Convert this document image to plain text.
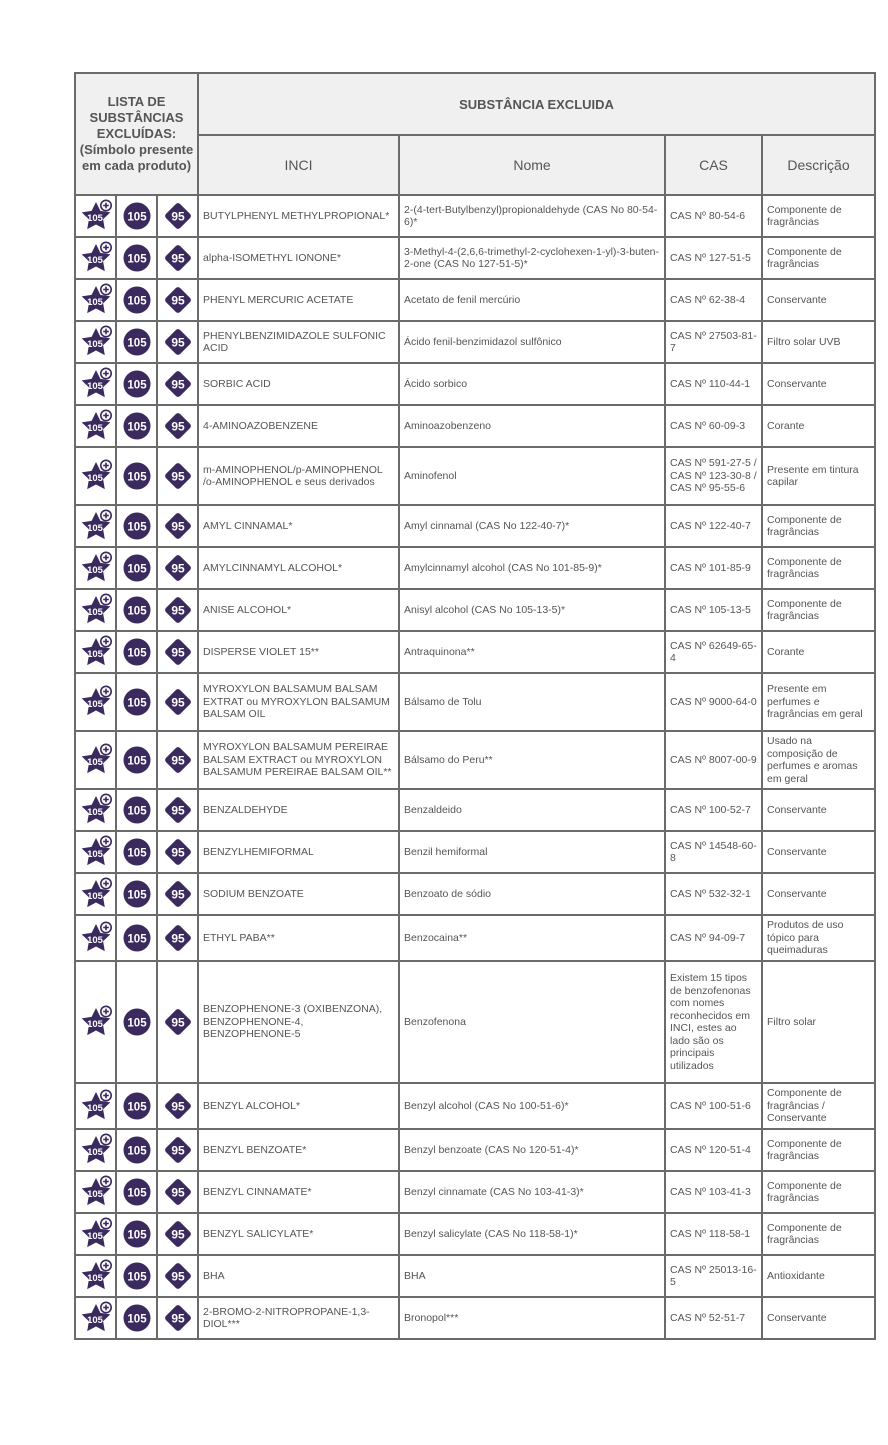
LISTA DE SUBSTÂNCIAS EXCLUÍDAS: (Símbolo presente em cada produto)			SUBSTÂNCIA EXCLUIDA			
			INCI	Nome	CAS	Descrição

105	105	95	BUTYLPHENYL METHYLPROPIONAL*	2-(4-tert-Butylbenzyl)propionaldehyde (CAS No 80-54-6)*	CAS Nº 80-54-6	Componente de fragrâncias

105	105	95	alpha-ISOMETHYL IONONE*	3-Methyl-4-(2,6,6-trimethyl-2-cyclohexen-1-yl)-3-buten-2-one (CAS No 127-51-5)*	CAS Nº 127-51-5	Componente de fragrâncias

105	105	95	PHENYL MERCURIC ACETATE	Acetato de fenil mercúrio	CAS Nº 62-38-4	Conservante

105	105	95	PHENYLBENZIMIDAZOLE SULFONIC ACID	Ácido fenil-benzimidazol sulfônico	CAS Nº 27503-81-7	Filtro solar UVB

105	105	95	SORBIC ACID	Ácido sorbico	CAS Nº 110-44-1	Conservante

105	105	95	4-AMINOAZOBENZENE	Aminoazobenzeno	CAS Nº 60-09-3	Corante

105	105	95	m-AMINOPHENOL/p-AMINOPHENOL /o-AMINOPHENOL e seus derivados	Aminofenol	CAS Nº 591-27-5 / CAS Nº 123-30-8 / CAS Nº 95-55-6	Presente em tintura capilar

105	105	95	AMYL CINNAMAL*	Amyl cinnamal (CAS No 122-40-7)*	CAS Nº 122-40-7	Componente de fragrâncias

105	105	95	AMYLCINNAMYL ALCOHOL*	Amylcinnamyl alcohol (CAS No 101-85-9)*	CAS Nº 101-85-9	Componente de fragrâncias

105	105	95	ANISE ALCOHOL*	Anisyl alcohol (CAS No 105-13-5)*	CAS Nº 105-13-5	Componente de fragrâncias

105	105	95	DISPERSE VIOLET 15**	Antraquinona**	CAS Nº 62649-65-4	Corante

105	105	95	MYROXYLON BALSAMUM BALSAM EXTRAT ou MYROXYLON BALSAMUM BALSAM OIL	Bálsamo de Tolu	CAS Nº 9000-64-0	Presente em perfumes e fragrâncias em geral

105	105	95	MYROXYLON BALSAMUM PEREIRAE BALSAM EXTRACT ou MYROXYLON BALSAMUM PEREIRAE BALSAM OIL**	Bálsamo do Peru**	CAS Nº 8007-00-9	Usado na composição de perfumes e aromas em geral

105	105	95	BENZALDEHYDE	Benzaldeido	CAS Nº 100-52-7	Conservante

105	105	95	BENZYLHEMIFORMAL	Benzil hemiformal	CAS Nº 14548-60-8	Conservante

105	105	95	SODIUM BENZOATE	Benzoato de sódio	CAS Nº 532-32-1	Conservante

105	105	95	ETHYL PABA**	Benzocaina**	CAS Nº 94-09-7	Produtos de uso tópico para queimaduras

105	105	95	BENZOPHENONE-3 (OXIBENZONA), BENZOPHENONE-4, BENZOPHENONE-5	Benzofenona	Existem 15 tipos de benzofenonas com nomes reconhecidos em INCI, estes ao lado são os principais utilizados	Filtro solar

105	105	95	BENZYL ALCOHOL*	Benzyl alcohol (CAS No 100-51-6)*	CAS Nº 100-51-6	Componente de fragrâncias / Conservante

105	105	95	BENZYL BENZOATE*	Benzyl benzoate (CAS No 120-51-4)*	CAS Nº 120-51-4	Componente de fragrâncias

105	105	95	BENZYL CINNAMATE*	Benzyl cinnamate (CAS No 103-41-3)*	CAS Nº 103-41-3	Componente de fragrâncias

105	105	95	BENZYL SALICYLATE*	Benzyl salicylate (CAS No 118-58-1)*	CAS Nº 118-58-1	Componente de fragrâncias

105	105	95	BHA	BHA	CAS Nº 25013-16-5	Antioxidante

105	105	95	2-BROMO-2-NITROPROPANE-1,3-DIOL***	Bronopol***	CAS Nº 52-51-7	Conservante
